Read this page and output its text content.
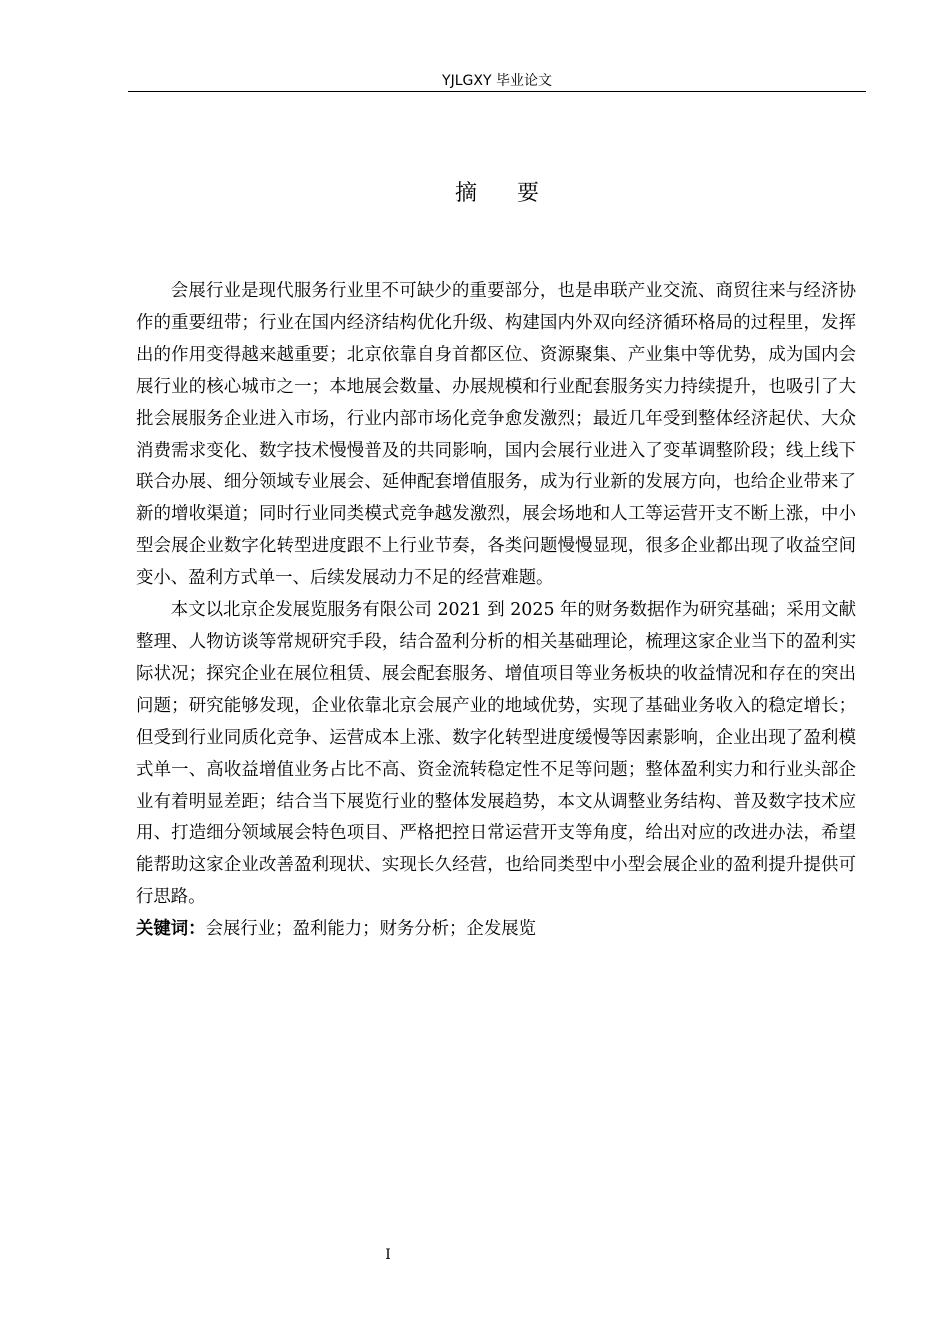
YJLGXY 毕业论文
摘要

会展行业是现代服务行业里不可缺少的重要部分，也是串联产业交流、商贸往来与经济协作的重要纽带；行业在国内经济结构优化升级、构建国内外双向经济循环格局的过程里，发挥出的作用变得越来越重要；北京依靠自身首都区位、资源聚集、产业集中等优势，成为国内会展行业的核心城市之一；本地展会数量、办展规模和行业配套服务实力持续提升，也吸引了大批会展服务企业进入市场，行业内部市场化竞争愈发激烈；最近几年受到整体经济起伏、大众消费需求变化、数字技术慢慢普及的共同影响，国内会展行业进入了变革调整阶段；线上线下联合办展、细分领域专业展会、延伸配套增值服务，成为行业新的发展方向，也给企业带来了新的增收渠道；同时行业同类模式竞争越发激烈，展会场地和人工等运营开支不断上涨，中小型会展企业数字化转型进度跟不上行业节奏，各类问题慢慢显现，很多企业都出现了收益空间变小、盈利方式单一、后续发展动力不足的经营难题。

本文以北京企发展览服务有限公司 2021 到 2025 年的财务数据作为研究基础；采用文献整理、人物访谈等常规研究手段，结合盈利分析的相关基础理论，梳理这家企业当下的盈利实际状况；探究企业在展位租赁、展会配套服务、增值项目等业务板块的收益情况和存在的突出问题；研究能够发现，企业依靠北京会展产业的地域优势，实现了基础业务收入的稳定增长；但受到行业同质化竞争、运营成本上涨、数字化转型进度缓慢等因素影响，企业出现了盈利模式单一、高收益增值业务占比不高、资金流转稳定性不足等问题；整体盈利实力和行业头部企业有着明显差距；结合当下展览行业的整体发展趋势，本文从调整业务结构、普及数字技术应用、打造细分领域展会特色项目、严格把控日常运营开支等角度，给出对应的改进办法，希望能帮助这家企业改善盈利现状、实现长久经营，也给同类型中小型会展企业的盈利提升提供可行思路。

关键词：会展行业；盈利能力；财务分析；企发展览
I
